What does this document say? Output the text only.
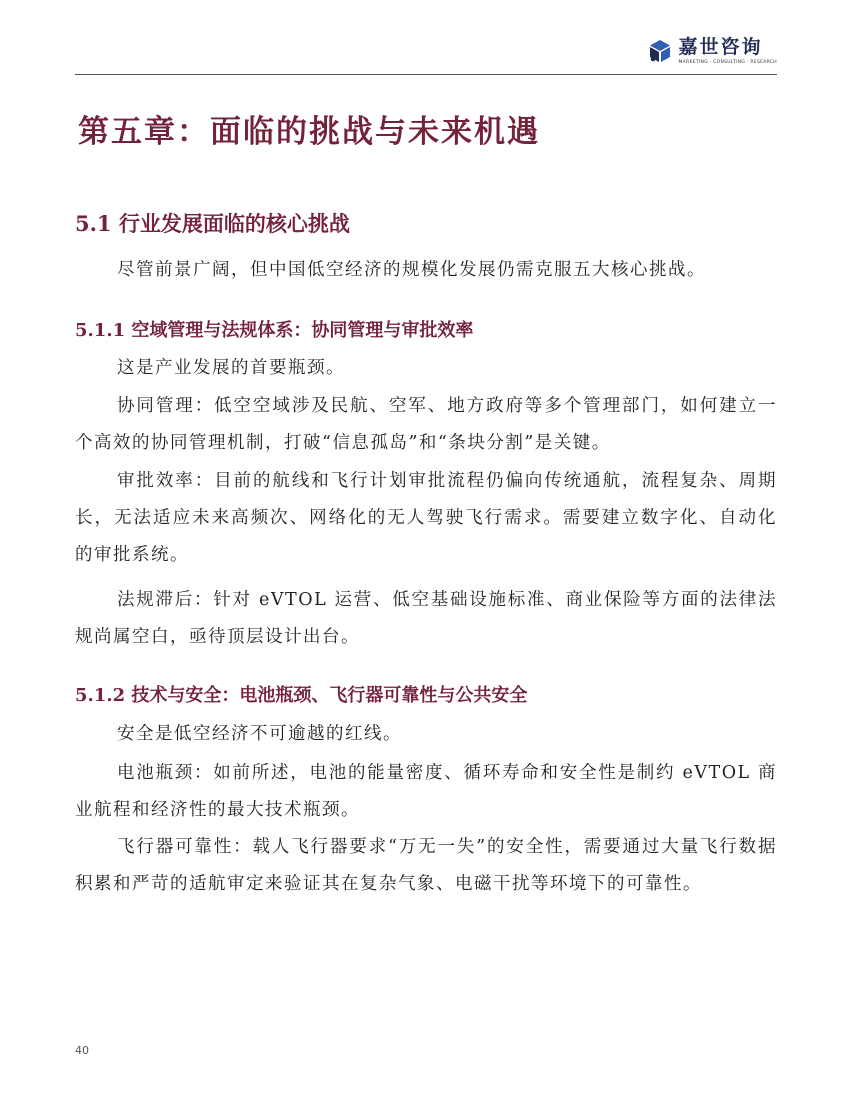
嘉世咨询
MARKETING · CONSULTING · RESEARCH
第五章：面临的挑战与未来机遇
5.1 行业发展面临的核心挑战

尽管前景广阔，但中国低空经济的规模化发展仍需克服五大核心挑战。

5.1.1 空域管理与法规体系：协同管理与审批效率

这是产业发展的首要瓶颈。

协同管理：低空空域涉及民航、空军、地方政府等多个管理部门，如何建立一个高效的协同管理机制，打破“信息孤岛”和“条块分割”是关键。

审批效率：目前的航线和飞行计划审批流程仍偏向传统通航，流程复杂、周期长，无法适应未来高频次、网络化的无人驾驶飞行需求。需要建立数字化、自动化的审批系统。

法规滞后：针对 eVTOL 运营、低空基础设施标准、商业保险等方面的法律法规尚属空白，亟待顶层设计出台。

5.1.2 技术与安全：电池瓶颈、飞行器可靠性与公共安全

安全是低空经济不可逾越的红线。

电池瓶颈：如前所述，电池的能量密度、循环寿命和安全性是制约 eVTOL 商业航程和经济性的最大技术瓶颈。

飞行器可靠性：载人飞行器要求“万无一失”的安全性，需要通过大量飞行数据积累和严苛的适航审定来验证其在复杂气象、电磁干扰等环境下的可靠性。

40
